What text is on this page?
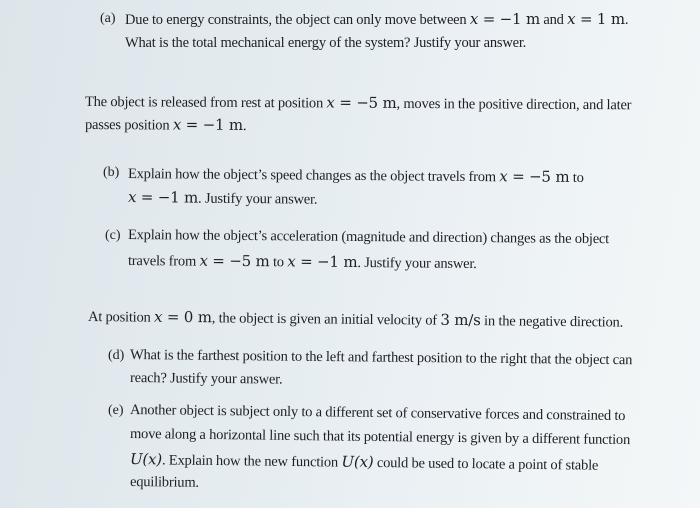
(a) Due to energy constraints, the object can only move between x = −1 m and x = 1 m.
What is the total mechanical energy of the system? Justify your answer.
The object is released from rest at position x = −5 m, moves in the positive direction, and later
passes position x = −1 m.
(b) Explain how the object’s speed changes as the object travels from x = −5 m to
x = −1 m. Justify your answer.
(c) Explain how the object’s acceleration (magnitude and direction) changes as the object
travels from x = −5 m to x = −1 m. Justify your answer.
At position x = 0 m, the object is given an initial velocity of 3 m/s in the negative direction.
(d) What is the farthest position to the left and farthest position to the right that the object can
reach? Justify your answer.
(e) Another object is subject only to a different set of conservative forces and constrained to
move along a horizontal line such that its potential energy is given by a different function
U(x). Explain how the new function U(x) could be used to locate a point of stable
equilibrium.
